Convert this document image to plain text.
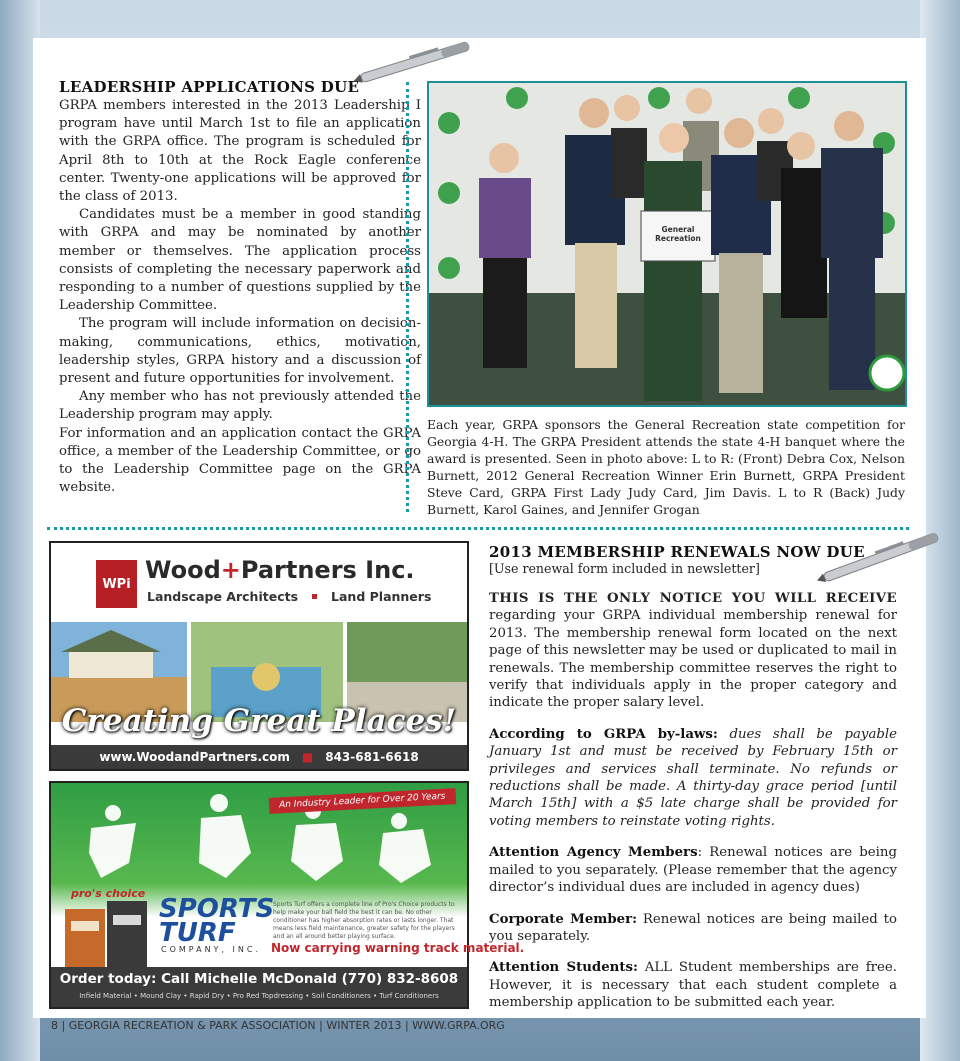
LEADERSHIP APPLICATIONS DUE

GRPA members interested in the 2013 Leadership I program have until March 1st to file an application with the GRPA office. The program is scheduled for April 8th to 10th at the Rock Eagle conference center. Twenty-one applications will be approved for the class of 2013.

Candidates must be a member in good standing with GRPA and may be nominated by another member or themselves. The application process consists of completing the necessary paperwork and responding to a number of questions supplied by the Leadership Committee.

The program will include information on decision-making, communications, ethics, motivation, leadership styles, GRPA history and a discussion of present and future opportunities for involvement.

Any member who has not previously attended the Leadership program may apply.

For information and an application contact the GRPA office, a member of the Leadership Committee, or go to the Leadership Committee page on the GRPA website.

General Recreation

Each year, GRPA sponsors the General Recreation state competition for Georgia 4-H. The GRPA President attends the state 4-H banquet where the award is presented. Seen in photo above: L to R: (Front) Debra Cox, Nelson Burnett, 2012 General Recreation Winner Erin Burnett, GRPA President Steve Card, GRPA First Lady Judy Card, Jim Davis. L to R (Back) Judy Burnett, Karol Gaines, and Jennifer Grogan

WPi Wood+Partners Inc.
Landscape Architects	Land Planners
Creating Great Places!
www.WoodandPartners.com ■ 843-681-6618
An Industry Leader for Over 20 Years
pro's choice
SPORTS
TURF
COMPANY, INC.
Sports Turf offers a complete line of Pro's Choice products to help make your ball field the best it can be. No other conditioner has higher absorption rates or lasts longer. That means less field maintenance, greater safety for the players and an all around better playing surface.
Now carrying warning track material.
Order today: Call Michelle McDonald (770) 832-8608
Infield Material • Mound Clay • Rapid Dry • Pro Red Topdressing • Soil Conditioners • Turf Conditioners
2013 MEMBERSHIP RENEWALS NOW DUE
[Use renewal form included in newsletter]

THIS IS THE ONLY NOTICE YOU WILL RECEIVE regarding your GRPA individual membership renewal for 2013. The membership renewal form located on the next page of this newsletter may be used or duplicated to mail in renewals. The membership committee reserves the right to verify that individuals apply in the proper category and indicate the proper salary level.

According to GRPA by-laws: dues shall be payable January 1st and must be received by February 15th or privileges and services shall terminate. No refunds or reductions shall be made. A thirty-day grace period [until March 15th] with a $5 late charge shall be provided for voting members to reinstate voting rights.

Attention Agency Members: Renewal notices are being mailed to you separately. (Please remember that the agency director’s individual dues are included in agency dues)

Corporate Member: Renewal notices are being mailed to you separately.

Attention Students: ALL Student memberships are free. However, it is necessary that each student complete a membership application to be submitted each year.

8 | GEORGIA RECREATION & PARK ASSOCIATION | WINTER 2013 | WWW.GRPA.ORG
